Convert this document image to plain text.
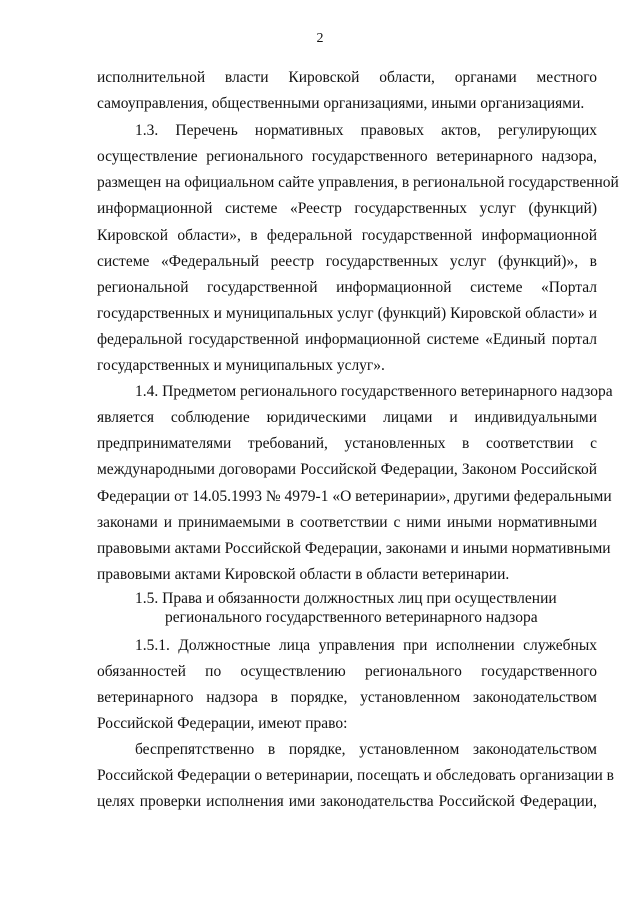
2
исполнительной власти Кировской области, органами местного
самоуправления, общественными организациями, иными организациями.
1.3. Перечень нормативных правовых актов, регулирующих
осуществление регионального государственного ветеринарного надзора,
размещен на официальном сайте управления, в региональной государственной
информационной системе «Реестр государственных услуг (функций)
Кировской области», в федеральной государственной информационной
системе «Федеральный реестр государственных услуг (функций)», в
региональной государственной информационной системе «Портал
государственных и муниципальных услуг (функций) Кировской области» и
федеральной государственной информационной системе «Единый портал
государственных и муниципальных услуг».
1.4. Предметом регионального государственного ветеринарного надзора
является соблюдение юридическими лицами и индивидуальными
предпринимателями требований, установленных в соответствии с
международными договорами Российской Федерации, Законом Российской
Федерации от 14.05.1993 № 4979-1 «О ветеринарии», другими федеральными
законами и принимаемыми в соответствии с ними иными нормативными
правовыми актами Российской Федерации, законами и иными нормативными
правовыми актами Кировской области в области ветеринарии.
1.5. Права и обязанности должностных лиц при осуществлении
регионального государственного ветеринарного надзора
1.5.1. Должностные лица управления при исполнении служебных
обязанностей по осуществлению регионального государственного
ветеринарного надзора в порядке, установленном законодательством
Российской Федерации, имеют право:
беспрепятственно в порядке, установленном законодательством
Российской Федерации о ветеринарии, посещать и обследовать организации в
целях проверки исполнения ими законодательства Российской Федерации,
